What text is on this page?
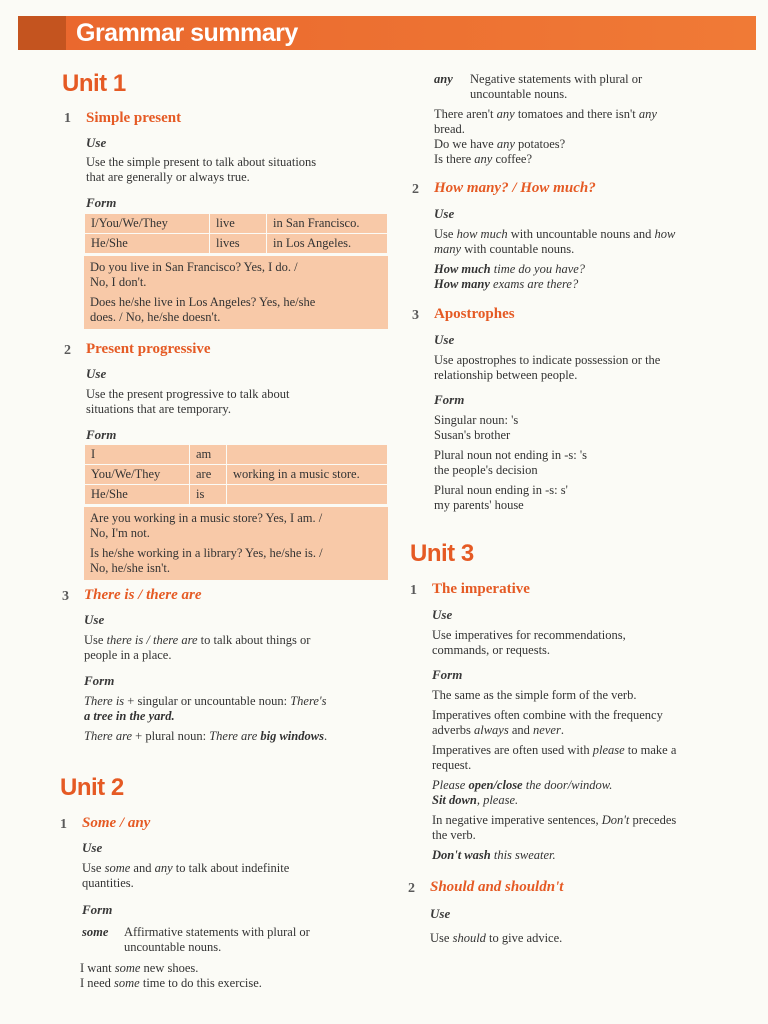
Grammar summary
Unit 1
1 Simple present
Use
Use the simple present to talk about situations
that are generally or always true.
Form
I/You/We/They	live	in San Francisco.
He/She	lives	in Los Angeles.

Do you live in San Francisco? Yes, I do. /
No, I don't.

Does he/she live in Los Angeles? Yes, he/she
does. / No, he/she doesn't.

2 Present progressive
Use
Use the present progressive to talk about
situations that are temporary.
Form
I	am	
You/We/They	are	working in a music store.
He/She	is	

Are you working in a music store? Yes, I am. /
No, I'm not.

Is he/she working in a library? Yes, he/she is. /
No, he/she isn't.

3 There is / there are
Use
Use there is / there are to talk about things or
people in a place.
Form
There is + singular or uncountable noun: There's
a tree in the yard.
There are + plural noun: There are big windows.
Unit 2
1 Some / any
Use
Use some and any to talk about indefinite
quantities.
Form
some Affirmative statements with plural or
uncountable nouns.
I want some new shoes.
I need some time to do this exercise.
any Negative statements with plural or
uncountable nouns.
There aren't any tomatoes and there isn't any
bread.
Do we have any potatoes?
Is there any coffee?
2 How many? / How much?
Use
Use how much with uncountable nouns and how
many with countable nouns.
How much time do you have?
How many exams are there?
3 Apostrophes
Use
Use apostrophes to indicate possession or the
relationship between people.
Form
Singular noun: 's
Susan's brother
Plural noun not ending in -s: 's
the people's decision
Plural noun ending in -s: s'
my parents' house
Unit 3
1 The imperative
Use
Use imperatives for recommendations,
commands, or requests.
Form
The same as the simple form of the verb.
Imperatives often combine with the frequency
adverbs always and never.
Imperatives are often used with please to make a
request.
Please open/close the door/window.
Sit down, please.
In negative imperative sentences, Don't precedes
the verb.
Don't wash this sweater.
2 Should and shouldn't
Use
Use should to give advice.
